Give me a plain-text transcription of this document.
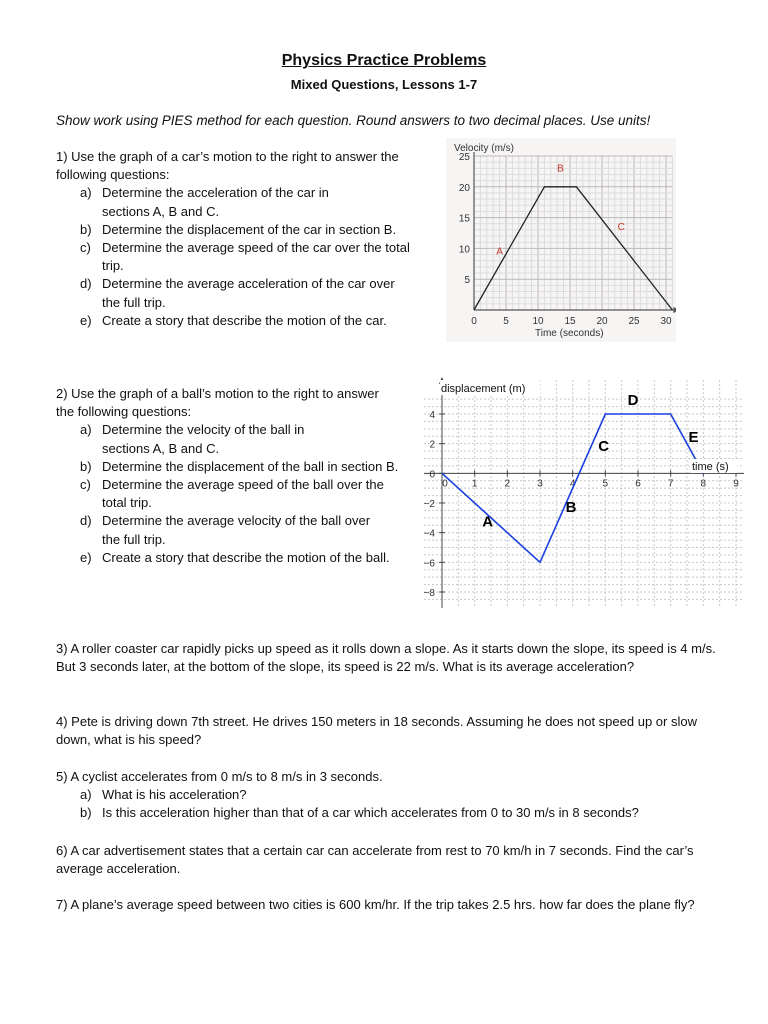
Physics Practice Problems
Mixed Questions, Lessons 1-7
Show work using PIES method for each question. Round answers to two decimal places. Use units!
1) Use the graph of a car’s motion to the right to answer the following questions:
a) Determine the acceleration of the car in sections A, B and C.
b) Determine the displacement of the car in section B.
c) Determine the average speed of the car over the total trip.
d) Determine the average acceleration of the car over the full trip.
e) Create a story that describe the motion of the car.
2) Use the graph of a ball’s motion to the right to answer the following questions:
a) Determine the velocity of the ball in sections A, B and C.
b) Determine the displacement of the ball in section B.
c) Determine the average speed of the ball over the total trip.
d) Determine the average velocity of the ball over the full trip.
e) Create a story that describe the motion of the ball.
3) A roller coaster car rapidly picks up speed as it rolls down a slope. As it starts down the slope, its speed is 4 m/s. But 3 seconds later, at the bottom of the slope, its speed is 22 m/s. What is its average acceleration?
4) Pete is driving down 7th street. He drives 150 meters in 18 seconds. Assuming he does not speed up or slow down, what is his speed?
5) A cyclist accelerates from 0 m/s to 8 m/s in 3 seconds.
a) What is his acceleration?
b) Is this acceleration higher than that of a car which accelerates from 0 to 30 m/s in 8 seconds?
6) A car advertisement states that a certain car can accelerate from rest to 70 km/h in 7 seconds. Find the car’s average acceleration.
7) A plane’s average speed between two cities is 600 km/hr. If the trip takes 2.5 hrs. how far does the plane fly?
0	5 10 15 20 25 30
5
10
15
20
25
A
B
C
Velocity (m/s)
Time (seconds)
0 1	2	3	4	5	6	7	8	9
4
2
0
−2
−4
−6
−8
A
B
C
D
E
displacement (m)
time (s)
